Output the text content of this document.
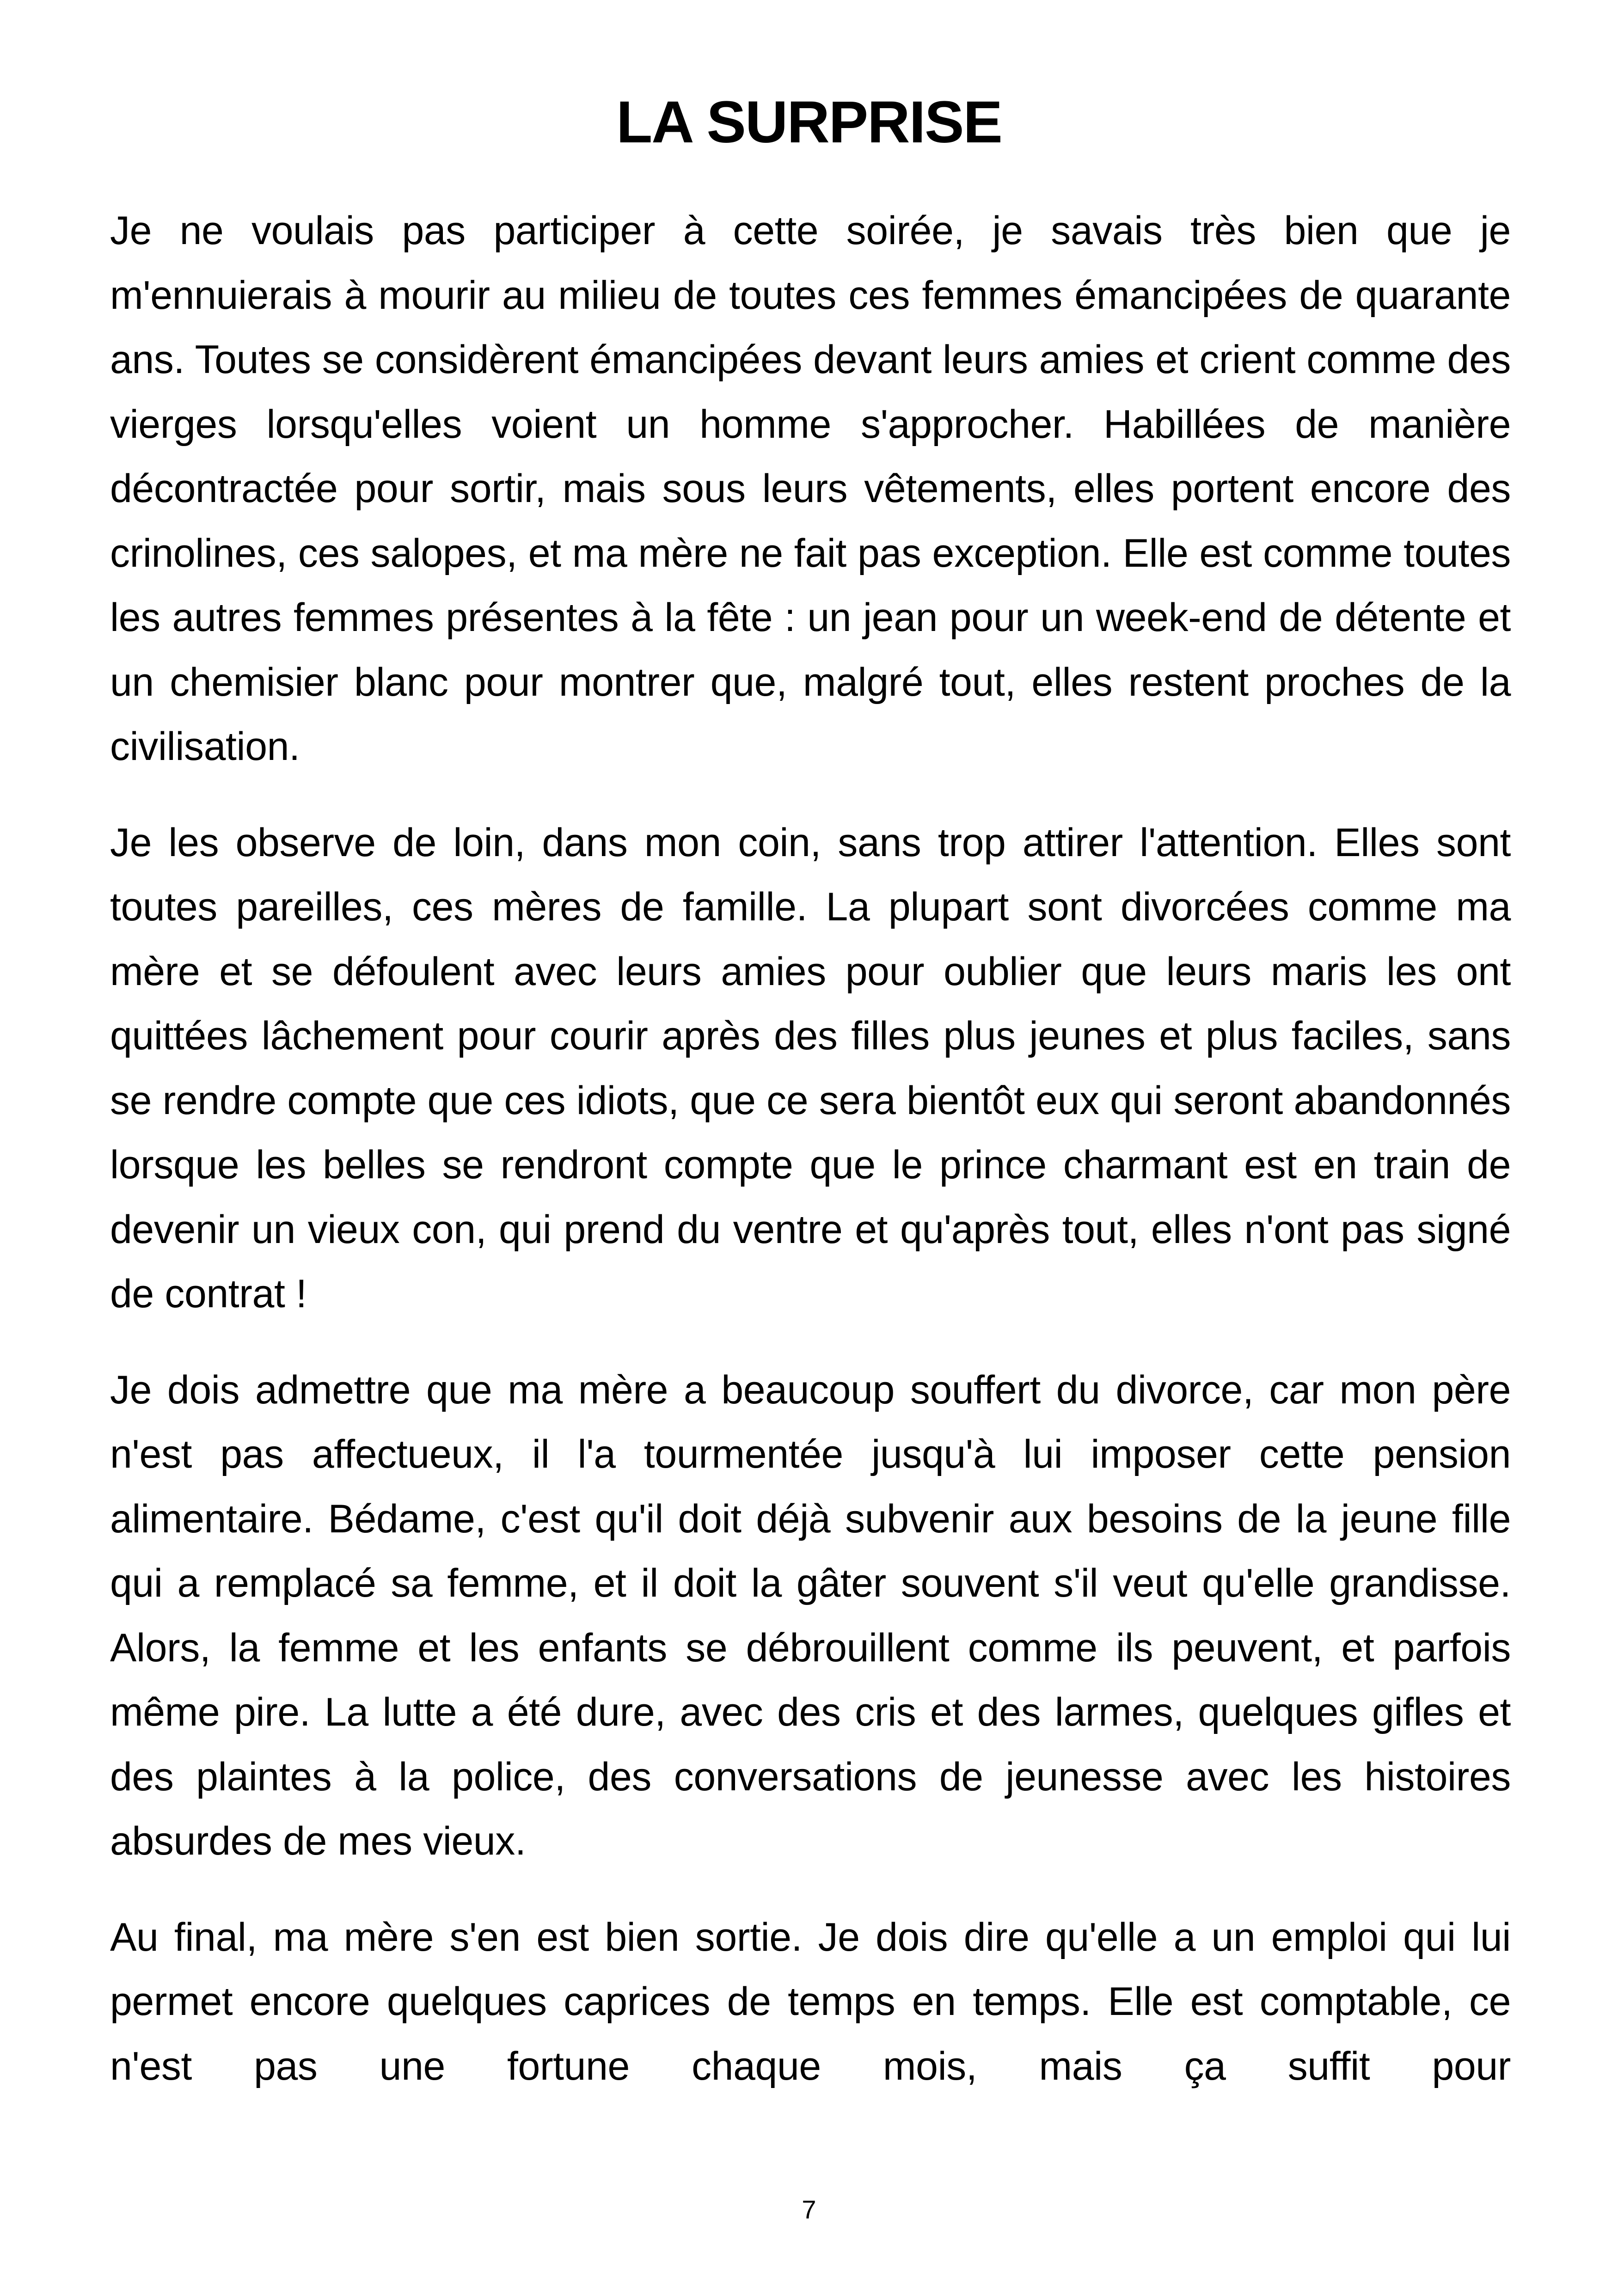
LA SURPRISE

Je ne voulais pas participer à cette soirée, je savais très bien que je m'ennuierais à mourir au milieu de toutes ces femmes émancipées de quarante ans. Toutes se considèrent émancipées devant leurs amies et crient comme des vierges lorsqu'elles voient un homme s'approcher. Habillées de manière décontractée pour sortir, mais sous leurs vêtements, elles portent encore des crinolines, ces salopes, et ma mère ne fait pas exception. Elle est comme toutes les autres femmes présentes à la fête : un jean pour un week-end de détente et un chemisier blanc pour montrer que, malgré tout, elles restent proches de la civilisation.

Je les observe de loin, dans mon coin, sans trop attirer l'attention. Elles sont toutes pareilles, ces mères de famille. La plupart sont divorcées comme ma mère et se défoulent avec leurs amies pour oublier que leurs maris les ont quittées lâchement pour courir après des filles plus jeunes et plus faciles, sans se rendre compte que ces idiots, que ce sera bientôt eux qui seront abandonnés lorsque les belles se rendront compte que le prince charmant est en train de devenir un vieux con, qui prend du ventre et qu'après tout, elles n'ont pas signé de contrat !

Je dois admettre que ma mère a beaucoup souffert du divorce, car mon père n'est pas affectueux, il l'a tourmentée jusqu'à lui imposer cette pension alimentaire. Bédame, c'est qu'il doit déjà subvenir aux besoins de la jeune fille qui a remplacé sa femme, et il doit la gâter souvent s'il veut qu'elle grandisse. Alors, la femme et les enfants se débrouillent comme ils peuvent, et parfois même pire. La lutte a été dure, avec des cris et des larmes, quelques gifles et des plaintes à la police, des conversations de jeunesse avec les histoires absurdes de mes vieux.

Au final, ma mère s'en est bien sortie. Je dois dire qu'elle a un emploi qui lui permet encore quelques caprices de temps en temps. Elle est comptable, ce n'est pas une fortune chaque mois, mais ça suffit pour

7
